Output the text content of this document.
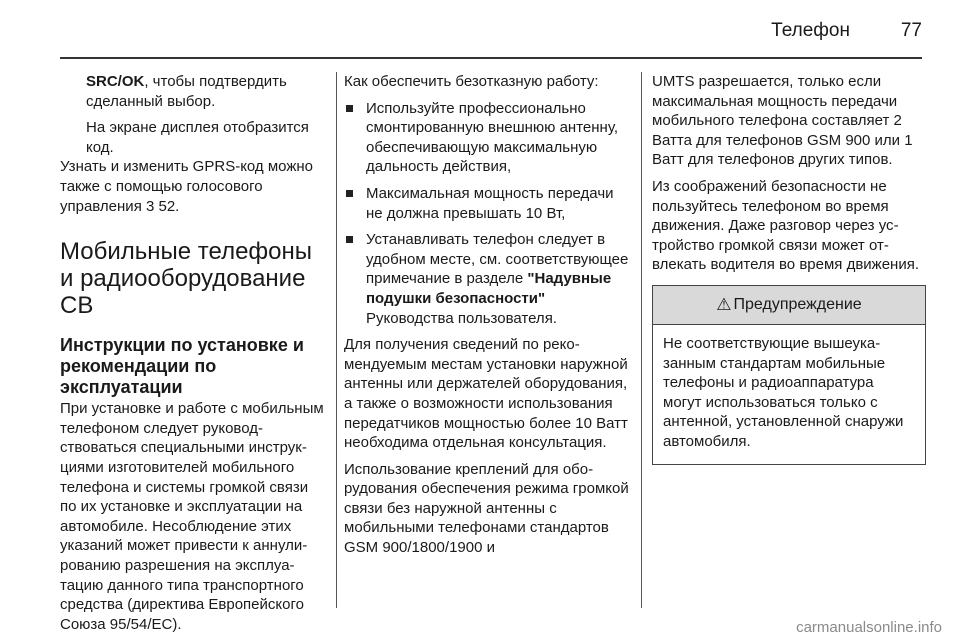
Телефон	77

SRC/OK, чтобы подтвердить сделанный выбор.

На экране дисплея отобразится код.

Узнать и изменить GPRS-код можно также с помощью голосового управления 3 52.

Мобильные телефоны и радиооборудование СВ

Инструкции по установке и рекомендации по эксплуатации

При установке и работе с мобильным телефоном следует руководствоваться специальными инструкциями изготовителей мобильного телефона и системы громкой связи по их установке и эксплуатации на автомобиле. Несоблюдение этих указаний может привести к аннулированию разрешения на эксплуатацию данного типа транспортного средства (директива Европейского Союза 95/54/EC).

Как обеспечить безотказную работу:

Используйте профессионально смонтированную внешнюю антенну, обеспечивающую максимальную дальность действия,

Максимальная мощность передачи не должна превышать 10 Вт,

Устанавливать телефон следует в удобном месте, см. соответствующее примечание в разделе "Надувные подушки безопасности" Руководства пользователя.

Для получения сведений по рекомендуемым местам установки наружной антенны или держателей оборудования, а также о возможности использования передатчиков мощностью более 10 Ватт необходима отдельная консультация.

Использование креплений для оборудования обеспечения режима громкой связи без наружной антенны с мобильными телефонами стандартов GSM 900/1800/1900 и

UMTS разрешается, только если максимальная мощность передачи мобильного телефона составляет 2 Ватта для телефонов GSM 900 или 1 Ватт для телефонов других типов.

Из соображений безопасности не пользуйтесь телефоном во время движения. Даже разговор через устройство громкой связи может отвлекать водителя во время движения.

⚠ Предупреждение
Не соответствующие вышеуказанным стандартам мобильные телефоны и радиоаппаратура могут использоваться только с антенной, установленной снаружи автомобиля.
carmanualsonline.info
